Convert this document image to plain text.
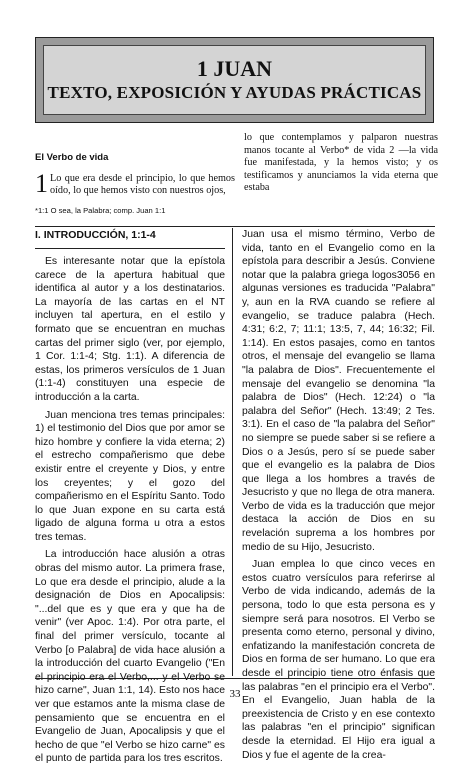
1 JUAN
TEXTO, EXPOSICIÓN Y AYUDAS PRÁCTICAS
El Verbo de vida
1 Lo que era desde el principio, lo que hemos oído, lo que hemos visto con nuestros ojos,
lo que contemplamos y palparon nuestras manos tocante al Verbo* de vida 2 —la vida fue manifestada, y la hemos visto; y os testificamos y anunciamos la vida eterna que estaba
*1:1 O sea, la Palabra; comp. Juan 1:1
I. INTRODUCCIÓN, 1:1-4

Es interesante notar que la epístola carece de la apertura habitual que identifica al autor y a los destinatarios. La mayoría de las cartas en el NT incluyen tal apertura, en el estilo y formato que se encuentran en muchas cartas del primer siglo (ver, por ejemplo, 1 Cor. 1:1-4; Stg. 1:1). A diferencia de estas, los primeros versículos de 1 Juan (1:1-4) constituyen una especie de introducción a la carta.

Juan menciona tres temas principales: 1) el testimonio del Dios que por amor se hizo hombre y confiere la vida eterna; 2) el estrecho compañerismo que debe existir entre el creyente y Dios, y entre los creyentes; y el gozo del compañerismo en el Espíritu Santo. Todo lo que Juan expone en su carta está ligado de alguna forma u otra a estos tres temas.

La introducción hace alusión a otras obras del mismo autor. La primera frase, Lo que era desde el principio, alude a la designación de Dios en Apocalipsis: "...del que es y que era y que ha de venir" (ver Apoc. 1:4). Por otra parte, el final del primer versículo, tocante al Verbo [o Palabra] de vida hace alusión a la introducción del cuarto Evangelio ("En el principio era el Verbo,... y el Verbo se hizo carne", Juan 1:1, 14). Esto nos hace ver que estamos ante la misma clase de pensamiento que se encuentra en el Evangelio de Juan, Apocalipsis y que el hecho de que "el Verbo se hizo carne" es el punto de partida para los tres escritos.

Juan usa el mismo término, Verbo de vida, tanto en el Evangelio como en la epístola para describir a Jesús. Conviene notar que la palabra griega logos3056 en algunas versiones es traducida "Palabra" y, aun en la RVA cuando se refiere al evangelio, se traduce palabra (Hech. 4:31; 6:2, 7; 11:1; 13:5, 7, 44; 16:32; Fil. 1:14). En estos pasajes, como en tantos otros, el mensaje del evangelio se llama "la palabra de Dios". Frecuentemente el mensaje del evangelio se denomina "la palabra de Dios" (Hech. 12:24) o "la palabra del Señor" (Hech. 13:49; 2 Tes. 3:1). En el caso de "la palabra del Señor" no siempre se puede saber si se refiere a Dios o a Jesús, pero sí se puede saber que el evangelio es la palabra de Dios que llega a los hombres a través de Jesucristo y que no llega de otra manera. Verbo de vida es la traducción que mejor destaca la acción de Dios en su revelación suprema a los hombres por medio de su Hijo, Jesucristo.

Juan emplea lo que cinco veces en estos cuatro versículos para referirse al Verbo de vida indicando, además de la persona, todo lo que esta persona es y siempre será para nosotros. El Verbo se presenta como eterno, personal y divino, enfatizando la manifestación concreta de Dios en forma de ser humano. Lo que era desde el principio tiene otro énfasis que las palabras "en el principio era el Verbo". En el Evangelio, Juan habla de la preexistencia de Cristo y en ese contexto las palabras "en el principio" significan desde la eternidad. El Hijo era igual a Dios y fue el agente de la crea-

33
